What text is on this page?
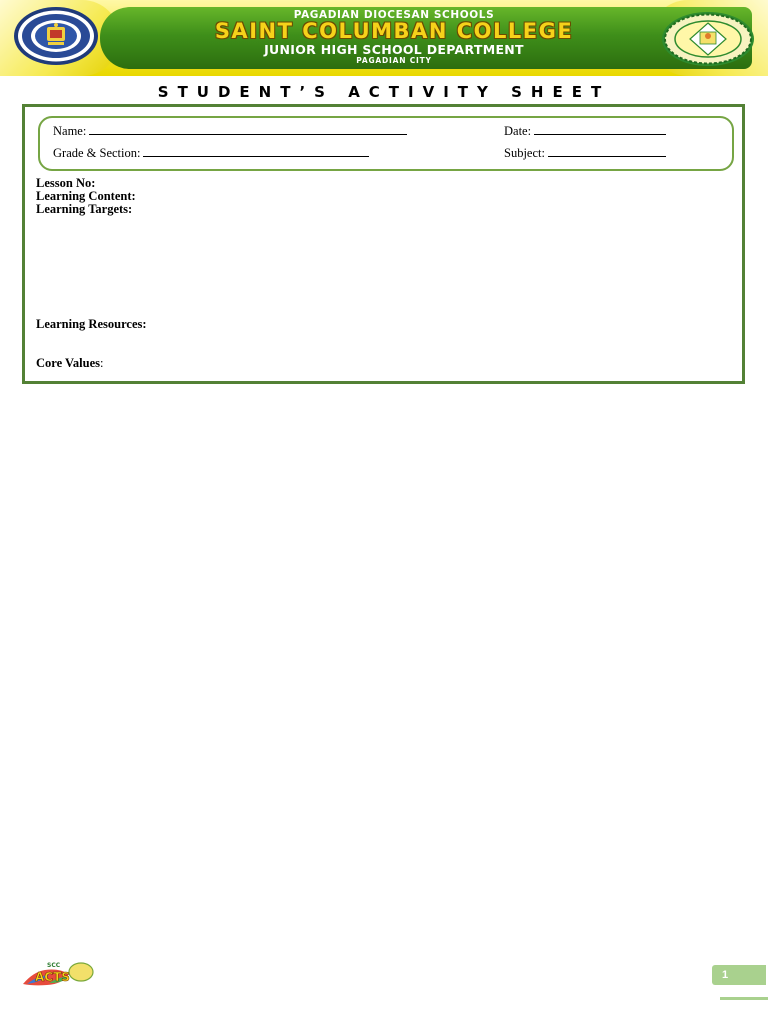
PAGADIAN DIOCESAN SCHOOLS
SAINT COLUMBAN COLLEGE
JUNIOR HIGH SCHOOL DEPARTMENT
PAGADIAN CITY
STUDENT’S ACTIVITY SHEET
Name:
Grade & Section:
Date:
Subject:
Lesson No:
Learning Content:
Learning Targets:
Learning Resources:
Core Values:
ACTS
SCC
1
